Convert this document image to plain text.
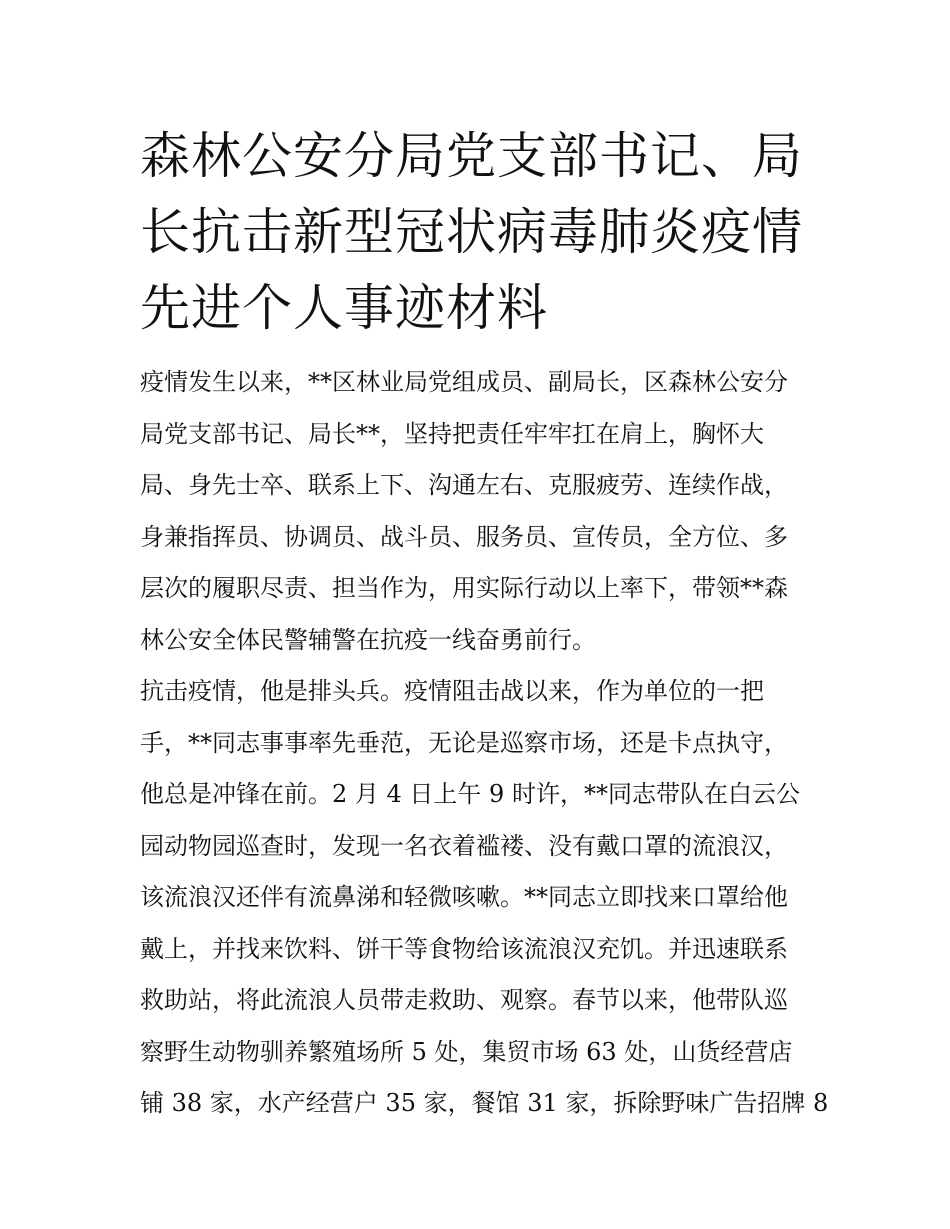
森林公安分局党支部书记、局
长抗击新型冠状病毒肺炎疫情
先进个人事迹材料
疫情发生以来，**区林业局党组成员、副局长，区森林公安分
局党支部书记、局长**，坚持把责任牢牢扛在肩上，胸怀大
局、身先士卒、联系上下、沟通左右、克服疲劳、连续作战，
身兼指挥员、协调员、战斗员、服务员、宣传员，全方位、多
层次的履职尽责、担当作为，用实际行动以上率下，带领**森
林公安全体民警辅警在抗疫一线奋勇前行。
抗击疫情，他是排头兵。疫情阻击战以来，作为单位的一把
手，**同志事事率先垂范，无论是巡察市场，还是卡点执守，
他总是冲锋在前。2 月 4 日上午 9 时许，**同志带队在白云公
园动物园巡查时，发现一名衣着褴褛、没有戴口罩的流浪汉，
该流浪汉还伴有流鼻涕和轻微咳嗽。**同志立即找来口罩给他
戴上，并找来饮料、饼干等食物给该流浪汉充饥。并迅速联系
救助站，将此流浪人员带走救助、观察。春节以来，他带队巡
察野生动物驯养繁殖场所 5 处，集贸市场 63 处，山货经营店
铺 38 家，水产经营户 35 家，餐馆 31 家，拆除野味广告招牌 8
